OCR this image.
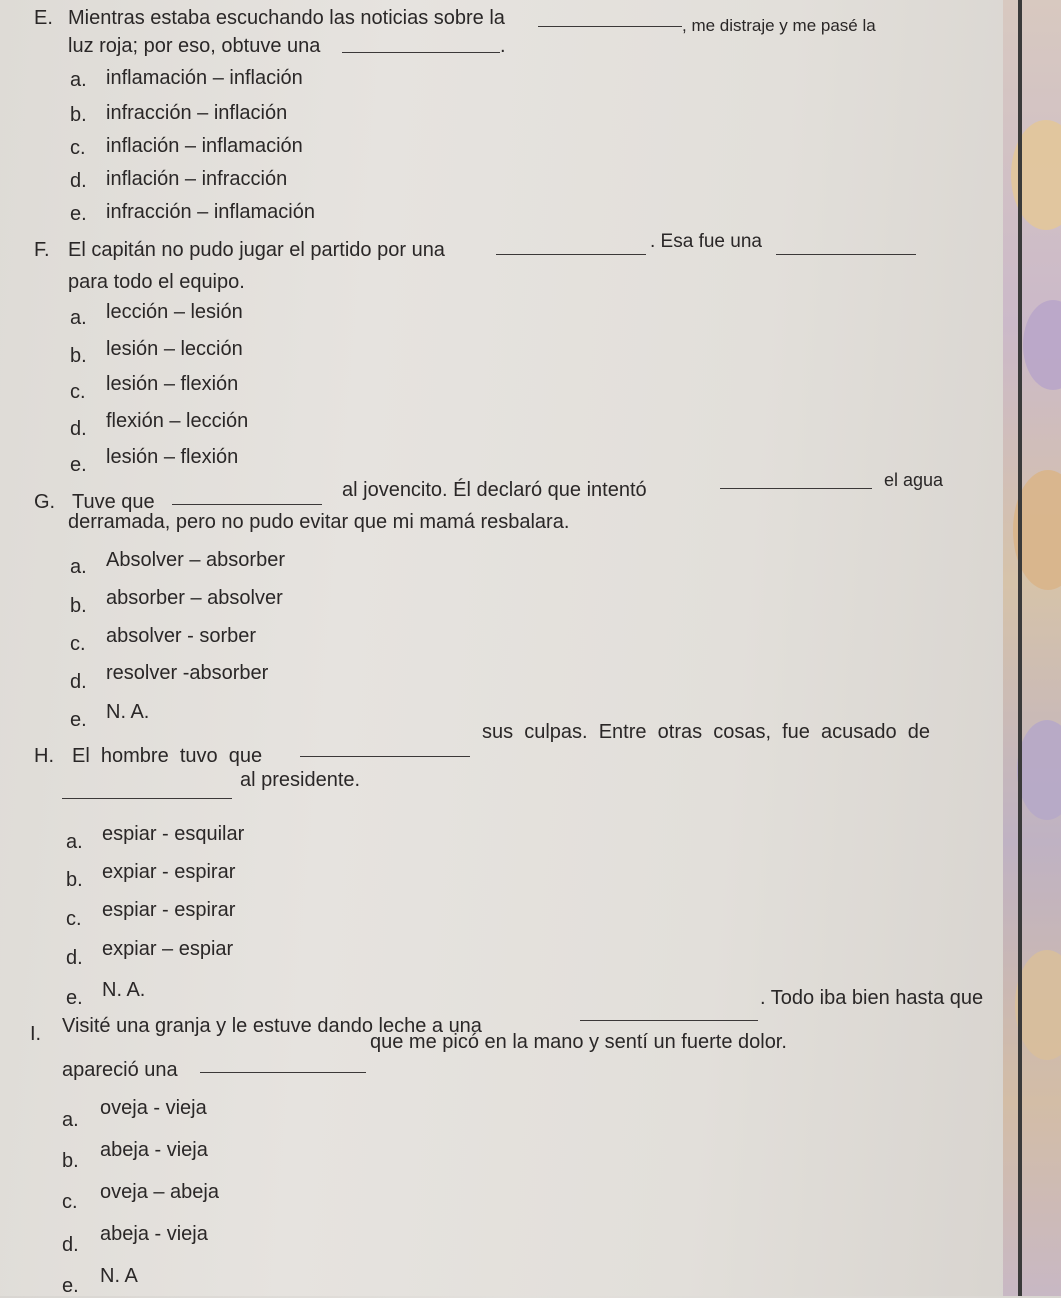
E. Mientras estaba escuchando las noticias sobre la	, me distraje y me pasé la
luz roja; por eso, obtuve una	.
a. inflamación – inflación
b. infracción – inflación
c. inflación – inflamación
d. inflación – infracción
e. infracción – inflamación
F. El capitán no pudo jugar el partido por una	. Esa fue una
para todo el equipo.
a. lección – lesión
b. lesión – lección
c. lesión – flexión
d. flexión – lección
e. lesión – flexión
G. Tuve que
al jovencito. Él declaró que intentó	el agua
derramada, pero no pudo evitar que mi mamá resbalara.
a. Absolver – absorber
b. absorber – absolver
c. absolver - sorber
d. resolver -absorber
e. N. A.
H. El  hombre  tuvo  que
sus  culpas.  Entre  otras  cosas,  fue  acusado  de
al presidente.
a. espiar - esquilar
b. expiar - espirar
c. espiar - espirar
d. expiar – espiar
e. N. A.
I. Visité una granja y le estuve dando leche a una
. Todo iba bien hasta que
apareció una
que me picó en la mano y sentí un fuerte dolor.
a.
oveja - vieja
b. abeja - vieja
c. oveja – abeja
d. abeja - vieja
e. N. A
